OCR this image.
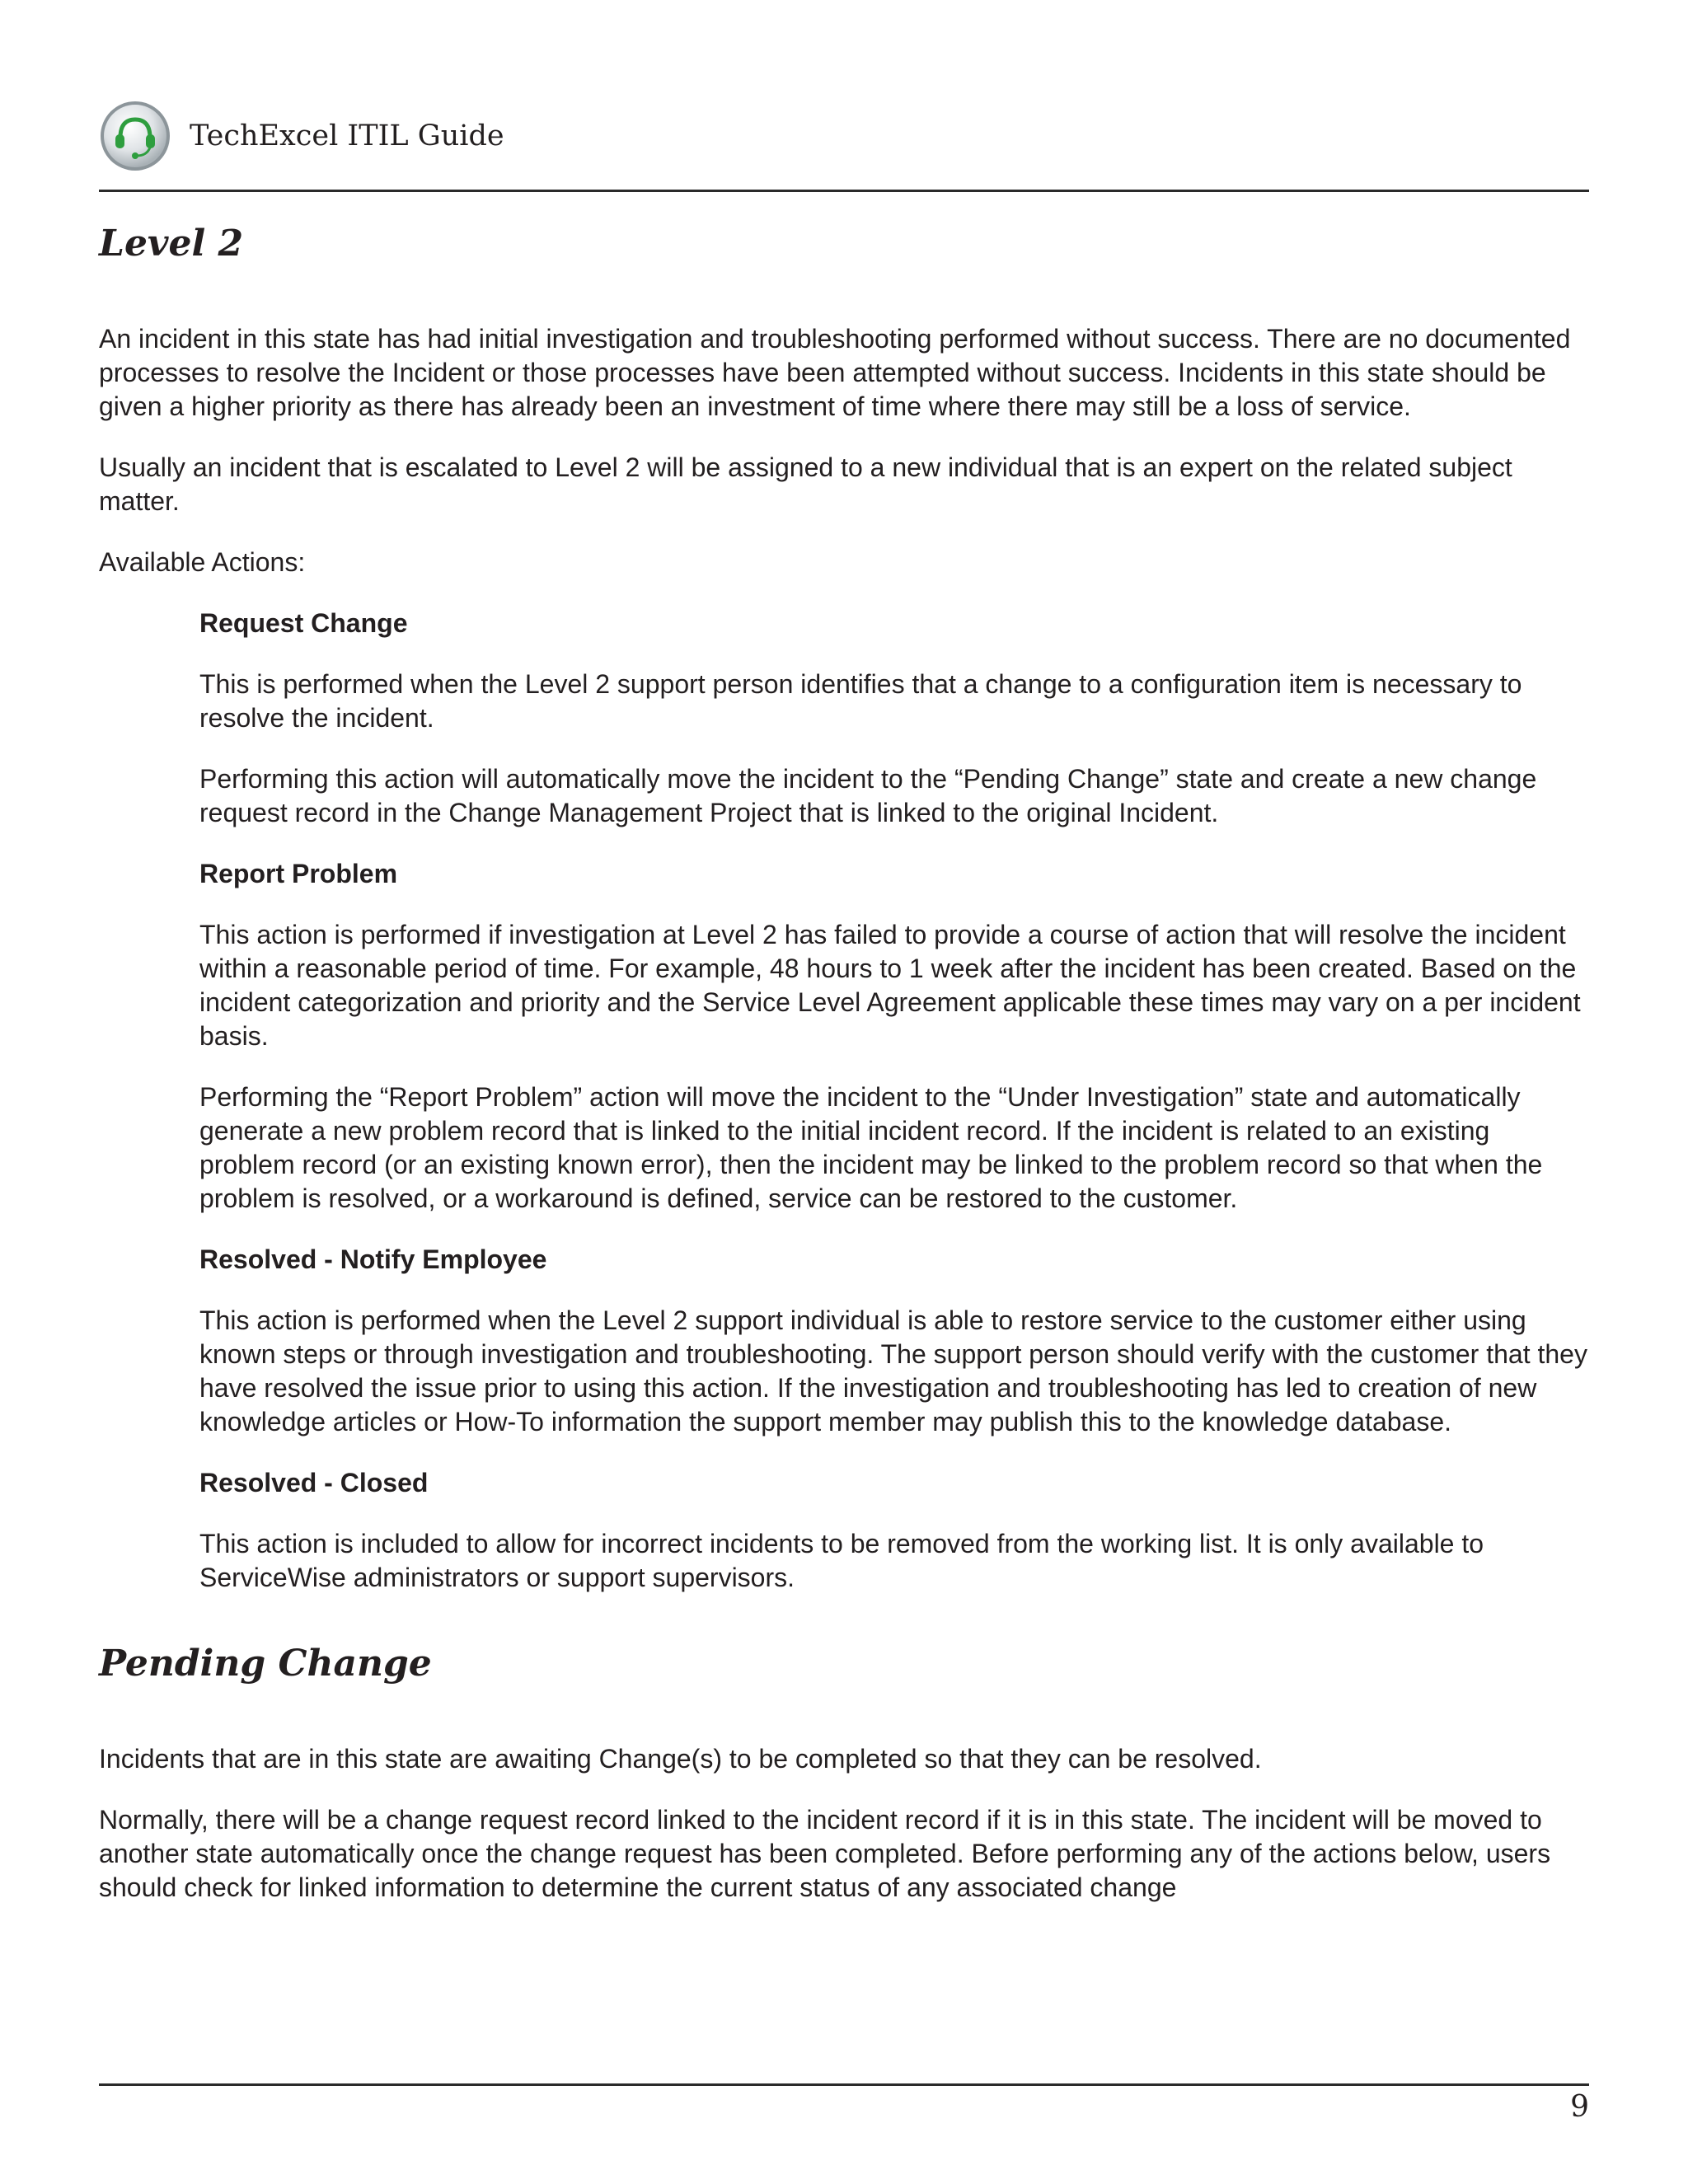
TechExcel ITIL Guide
Level 2

An incident in this state has had initial investigation and troubleshooting performed without success. There are no documented processes to resolve the Incident or those processes have been attempted without success. Incidents in this state should be given a higher priority as there has already been an investment of time where there may still be a loss of service.

Usually an incident that is escalated to Level 2 will be assigned to a new individual that is an expert on the related subject matter.

Available Actions:

Request Change

This is performed when the Level 2 support person identifies that a change to a configuration item is necessary to resolve the incident.

Performing this action will automatically move the incident to the “Pending Change” state and create a new change request record in the Change Management Project that is linked to the original Incident.

Report Problem

This action is performed if investigation at Level 2 has failed to provide a course of action that will resolve the incident within a reasonable period of time. For example, 48 hours to 1 week after the incident has been created. Based on the incident categorization and priority and the Service Level Agreement applicable these times may vary on a per incident basis.

Performing the “Report Problem” action will move the incident to the “Under Investigation” state and automatically generate a new problem record that is linked to the initial incident record. If the incident is related to an existing problem record (or an existing known error), then the incident may be linked to the problem record so that when the problem is resolved, or a workaround is defined, service can be restored to the customer.

Resolved - Notify Employee

This action is performed when the Level 2 support individual is able to restore service to the customer either using known steps or through investigation and troubleshooting. The support person should verify with the customer that they have resolved the issue prior to using this action. If the investigation and troubleshooting has led to creation of new knowledge articles or How-To information the support member may publish this to the knowledge database.

Resolved - Closed

This action is included to allow for incorrect incidents to be removed from the working list. It is only available to ServiceWise administrators or support supervisors.

Pending Change

Incidents that are in this state are awaiting Change(s) to be completed so that they can be resolved.

Normally, there will be a change request record linked to the incident record if it is in this state. The incident will be moved to another state automatically once the change request has been completed. Before performing any of the actions below, users should check for linked information to determine the current status of any associated change

9
